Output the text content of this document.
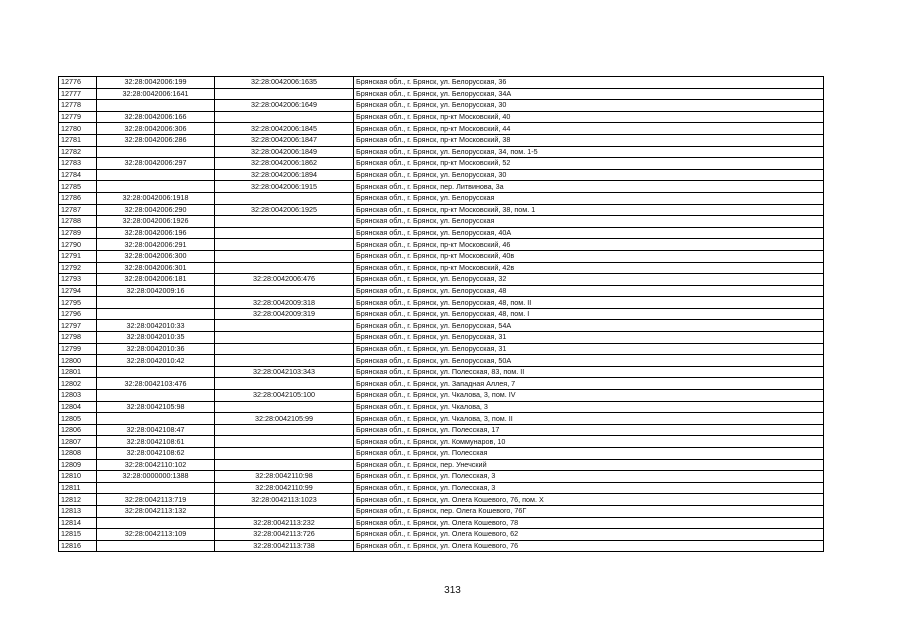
12776	32:28:0042006:199	32:28:0042006:1635	Брянская обл., г. Брянск, ул. Белорусская, 36
12777	32:28:0042006:1641		Брянская обл., г. Брянск, ул. Белорусская, 34А
12778		32:28:0042006:1649	Брянская обл., г. Брянск, ул. Белорусская, 30
12779	32:28:0042006:166		Брянская обл., г. Брянск, пр-кт Московский, 40
12780	32:28:0042006:306	32:28:0042006:1845	Брянская обл., г. Брянск, пр-кт Московский, 44
12781	32:28:0042006:286	32:28:0042006:1847	Брянская обл., г. Брянск, пр-кт Московский, 38
12782		32:28:0042006:1849	Брянская обл., г. Брянск, ул. Белорусская, 34, пом. 1-5
12783	32:28:0042006:297	32:28:0042006:1862	Брянская обл., г. Брянск, пр-кт Московский, 52
12784		32:28:0042006:1894	Брянская обл., г. Брянск, ул. Белорусская, 30
12785		32:28:0042006:1915	Брянская обл., г. Брянск, пер. Литвинова, 3а
12786	32:28:0042006:1918		Брянская обл., г. Брянск, ул. Белорусская
12787	32:28:0042006:290	32:28:0042006:1925	Брянская обл., г. Брянск, пр-кт Московский, 38, пом. 1
12788	32:28:0042006:1926		Брянская обл., г. Брянск, ул. Белорусская
12789	32:28:0042006:196		Брянская обл., г. Брянск, ул. Белорусская, 40А
12790	32:28:0042006:291		Брянская обл., г. Брянск, пр-кт Московский, 46
12791	32:28:0042006:300		Брянская обл., г. Брянск, пр-кт Московский, 40в
12792	32:28:0042006:301		Брянская обл., г. Брянск, пр-кт Московский, 42в
12793	32:28:0042006:181	32:28:0042006:476	Брянская обл., г. Брянск, ул. Белорусская, 32
12794	32:28:0042009:16		Брянская обл., г. Брянск, ул. Белорусская, 48
12795		32:28:0042009:318	Брянская обл., г. Брянск, ул. Белорусская, 48, пом. II
12796		32:28:0042009:319	Брянская обл., г. Брянск, ул. Белорусская, 48, пом. I
12797	32:28:0042010:33		Брянская обл., г. Брянск, ул. Белорусская, 54А
12798	32:28:0042010:35		Брянская обл., г. Брянск, ул. Белорусская, 31
12799	32:28:0042010:36		Брянская обл., г. Брянск, ул. Белорусская, 31
12800	32:28:0042010:42		Брянская обл., г. Брянск, ул. Белорусская, 50А
12801		32:28:0042103:343	Брянская обл., г. Брянск, ул. Полесская, 83, пом. II
12802	32:28:0042103:476		Брянская обл., г. Брянск, ул. Западная Аллея, 7
12803		32:28:0042105:100	Брянская обл., г. Брянск, ул. Чкалова, 3, пом. IV
12804	32:28:0042105:98		Брянская обл., г. Брянск, ул. Чкалова, 3
12805		32:28:0042105:99	Брянская обл., г. Брянск, ул. Чкалова, 3, пом. II
12806	32:28:0042108:47		Брянская обл., г. Брянск, ул. Полесская, 17
12807	32:28:0042108:61		Брянская обл., г. Брянск, ул. Коммунаров, 10
12808	32:28:0042108:62		Брянская обл., г. Брянск, ул. Полесская
12809	32:28:0042110:102		Брянская обл., г. Брянск, пер. Унечский
12810	32:28:0000000:1388	32:28:0042110:98	Брянская обл., г. Брянск, ул. Полесская, 3
12811		32:28:0042110:99	Брянская обл., г. Брянск, ул. Полесская, 3
12812	32:28:0042113:719	32:28:0042113:1023	Брянская обл., г. Брянск, ул. Олега Кошевого, 76, пом. X
12813	32:28:0042113:132		Брянская обл., г. Брянск, пер. Олега Кошевого, 76Г
12814		32:28:0042113:232	Брянская обл., г. Брянск, ул. Олега Кошевого, 78
12815	32:28:0042113:109	32:28:0042113:726	Брянская обл., г. Брянск, ул. Олега Кошевого, 62
12816		32:28:0042113:738	Брянская обл., г. Брянск, ул. Олега Кошевого, 76
313
